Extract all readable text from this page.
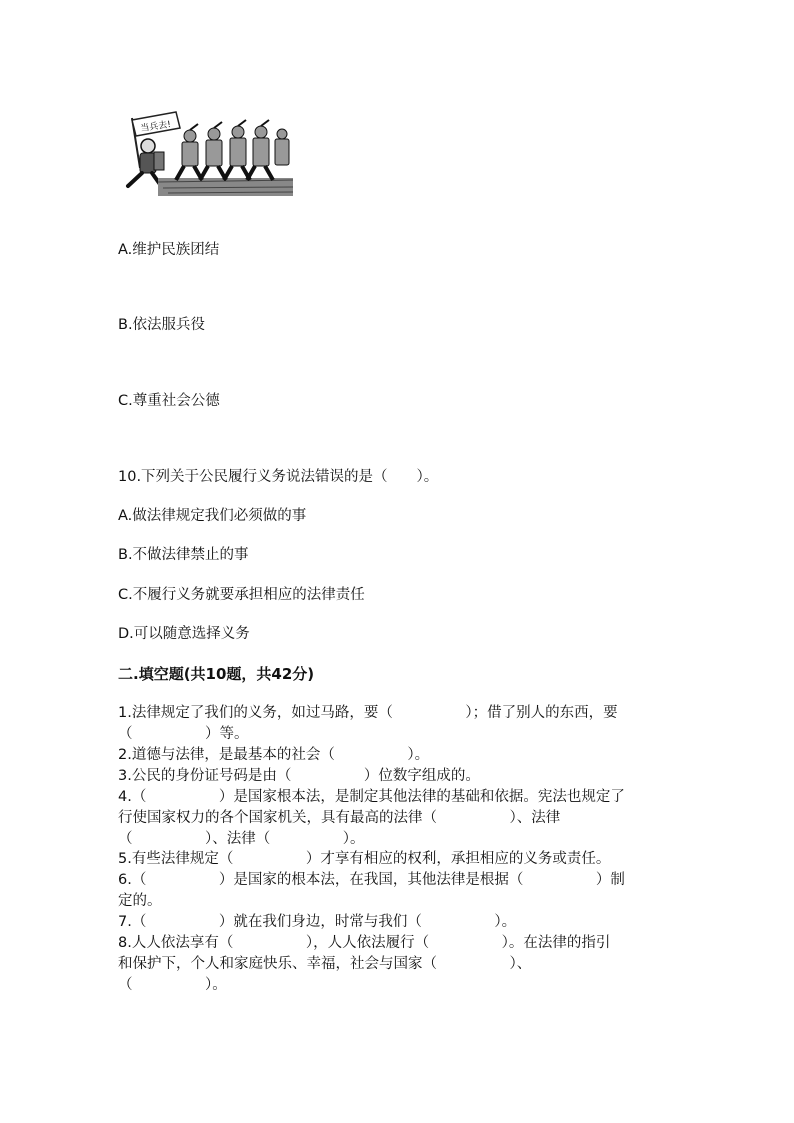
当兵去!
A.维护民族团结
B.依法服兵役
C.尊重社会公德
10.下列关于公民履行义务说法错误的是（　　）。
A.做法律规定我们必须做的事
B.不做法律禁止的事
C.不履行义务就要承担相应的法律责任
D.可以随意选择义务
二.填空题(共10题，共42分)
1.法律规定了我们的义务，如过马路，要（　　　　　）；借了别人的东西，要
（　　　　　）等。
2.道德与法律，是最基本的社会（　　　　　）。
3.公民的身份证号码是由（　　　　　）位数字组成的。
4.（　　　　　）是国家根本法，是制定其他法律的基础和依据。宪法也规定了
行使国家权力的各个国家机关，具有最高的法律（　　　　　）、法律
（　　　　　）、法律（　　　　　）。
5.有些法律规定（　　　　　）才享有相应的权利，承担相应的义务或责任。
6.（　　　　　）是国家的根本法，在我国，其他法律是根据（　　　　　）制
定的。
7.（　　　　　）就在我们身边，时常与我们（　　　　　）。
8.人人依法享有（　　　　　），人人依法履行（　　　　　）。在法律的指引
和保护下，个人和家庭快乐、幸福，社会与国家（　　　　　）、
（　　　　　）。
